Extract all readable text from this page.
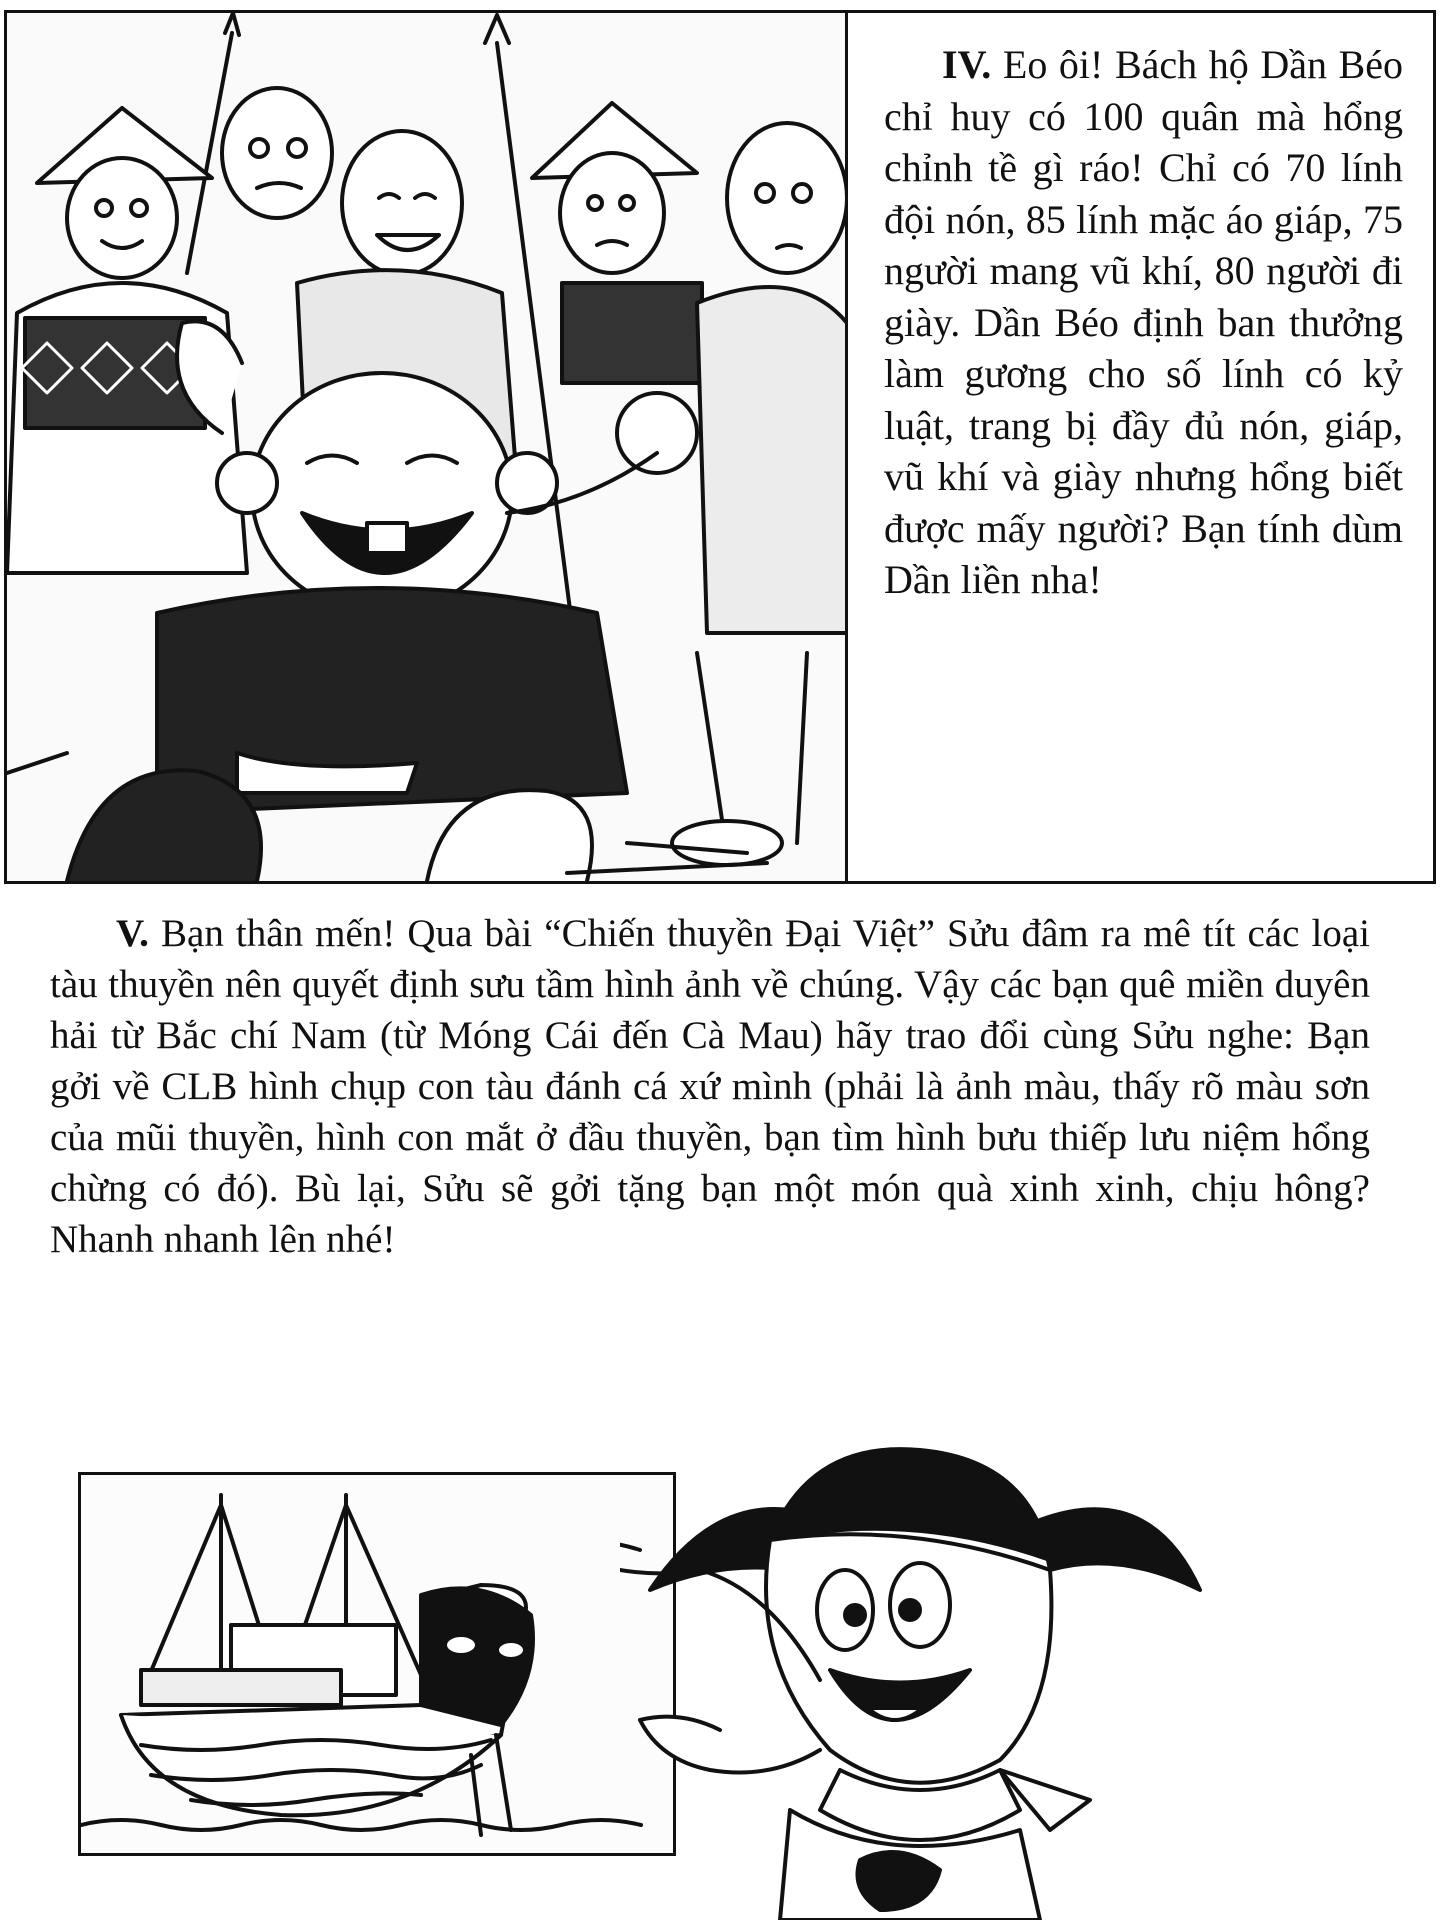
IV. Eo ôi! Bách hộ Dần Béo chỉ huy có 100 quân mà hổng chỉnh tề gì ráo! Chỉ có 70 lính đội nón, 85 lính mặc áo giáp, 75 người mang vũ khí, 80 người đi giày. Dần Béo định ban thưởng làm gương cho số lính có kỷ luật, trang bị đầy đủ nón, giáp, vũ khí và giày nhưng hổng biết được mấy người? Bạn tính dùm Dần liền nha!

V. Bạn thân mến! Qua bài “Chiến thuyền Đại Việt” Sửu đâm ra mê tít các loại tàu thuyền nên quyết định sưu tầm hình ảnh về chúng. Vậy các bạn quê miền duyên hải từ Bắc chí Nam (từ Móng Cái đến Cà Mau) hãy trao đổi cùng Sửu nghe: Bạn gởi về CLB hình chụp con tàu đánh cá xứ mình (phải là ảnh màu, thấy rõ màu sơn của mũi thuyền, hình con mắt ở đầu thuyền, bạn tìm hình bưu thiếp lưu niệm hổng chừng có đó). Bù lại, Sửu sẽ gởi tặng bạn một món quà xinh xinh, chịu hông? Nhanh nhanh lên nhé!
